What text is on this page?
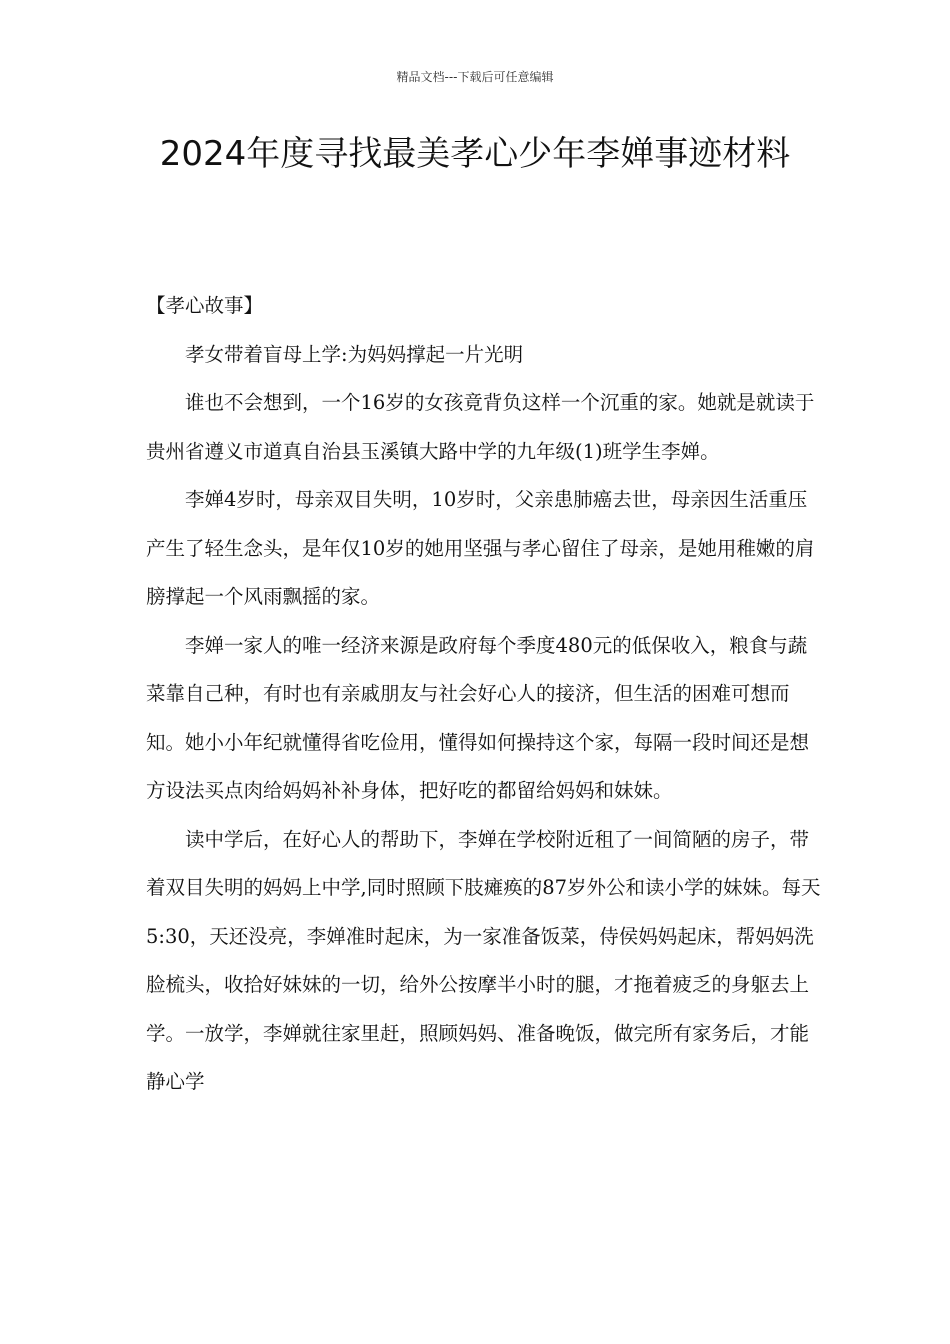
精品文档---下载后可任意编辑
2024年度寻找最美孝心少年李婵事迹材料

【孝心故事】

孝女带着盲母上学:为妈妈撑起一片光明

谁也不会想到，一个16岁的女孩竟背负这样一个沉重的家。她就是就读于贵州省遵义市道真自治县玉溪镇大路中学的九年级(1)班学生李婵。

李婵4岁时，母亲双目失明，10岁时，父亲患肺癌去世，母亲因生活重压产生了轻生念头，是年仅10岁的她用坚强与孝心留住了母亲，是她用稚嫩的肩膀撑起一个风雨飘摇的家。

李婵一家人的唯一经济来源是政府每个季度480元的低保收入，粮食与蔬菜靠自己种，有时也有亲戚朋友与社会好心人的接济，但生活的困难可想而知。她小小年纪就懂得省吃俭用，懂得如何操持这个家，每隔一段时间还是想方设法买点肉给妈妈补补身体，把好吃的都留给妈妈和妹妹。

读中学后，在好心人的帮助下，李婵在学校附近租了一间简陋的房子，带着双目失明的妈妈上中学,同时照顾下肢瘫痪的87岁外公和读小学的妹妹。每天5:30，天还没亮，李婵准时起床，为一家准备饭菜，侍侯妈妈起床，帮妈妈洗脸梳头，收拾好妹妹的一切，给外公按摩半小时的腿，才拖着疲乏的身躯去上学。一放学，李婵就往家里赶，照顾妈妈、准备晚饭，做完所有家务后，才能静心学
